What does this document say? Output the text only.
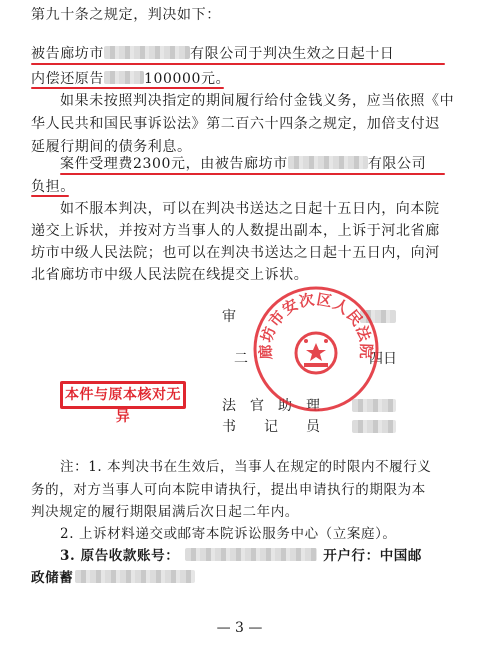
第九十条之规定，判决如下：
被告廊坊市	有限公司于判决生效之日起十日
内偿还原告	100000元。
如果未按照判决指定的期间履行给付金钱义务，应当依照《中
华人民共和国民事诉讼法》第二百六十四条之规定，加倍支付迟
延履行期间的债务利息。
案件受理费2300元，由被告廊坊市	有限公司
负担。
如不服本判决，可以在判决书送达之日起十五日内，向本院
递交上诉状，并按对方当事人的人数提出副本，上诉于河北省廊
坊市中级人民法院；也可以在判决书送达之日起十五日内，向河
北省廊坊市中级人民法院在线提交上诉状。
审
二	四日
本件与原本核对无异
法官助理
书记员
廊坊市安次区人民法院
注：1. 本判决书在生效后，当事人在规定的时限内不履行义
务的，对方当事人可向本院申请执行，提出申请执行的期限为本
判决规定的履行期限届满后次日起二年内。
2. 上诉材料递交或邮寄本院诉讼服务中心（立案庭）。
3. 原告收款账号：	开户行：中国邮
政储蓄
— 3 —
